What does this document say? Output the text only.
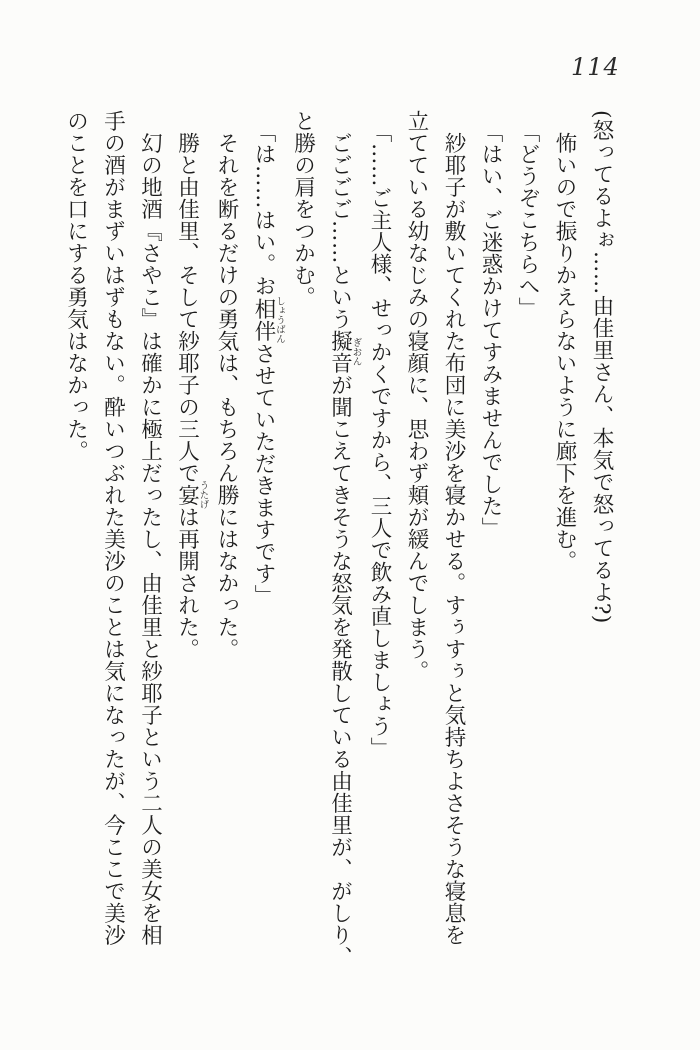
114

(怒ってるよぉ……由佳里さん、本気で怒ってるよ?)

怖いので振りかえらないように廊下を進む。

「どうぞこちらへ」

「はい、ご迷惑かけてすみませんでした」

紗耶子が敷いてくれた布団に美沙を寝かせる。すぅすぅと気持ちよさそうな寝息を
立てている幼なじみの寝顔に、思わず頬が緩んでしまう。

「……ご主人様、せっかくですから、三人で飲み直しましょう」

ごごごご……という擬音ぎおんが聞こえてきそうな怒気を発散している由佳里が、がしり、
と勝の肩をつかむ。

「は……はい。お相伴しょうばんさせていただきますです」

それを断るだけの勇気は、もちろん勝にはなかった。

勝と由佳里、そして紗耶子の三人で宴うたげは再開された。

幻の地酒『さやこ』は確かに極上だったし、由佳里と紗耶子という二人の美女を相
手の酒がまずいはずもない。酔いつぶれた美沙のことは気になったが、今ここで美沙
のことを口にする勇気はなかった。
